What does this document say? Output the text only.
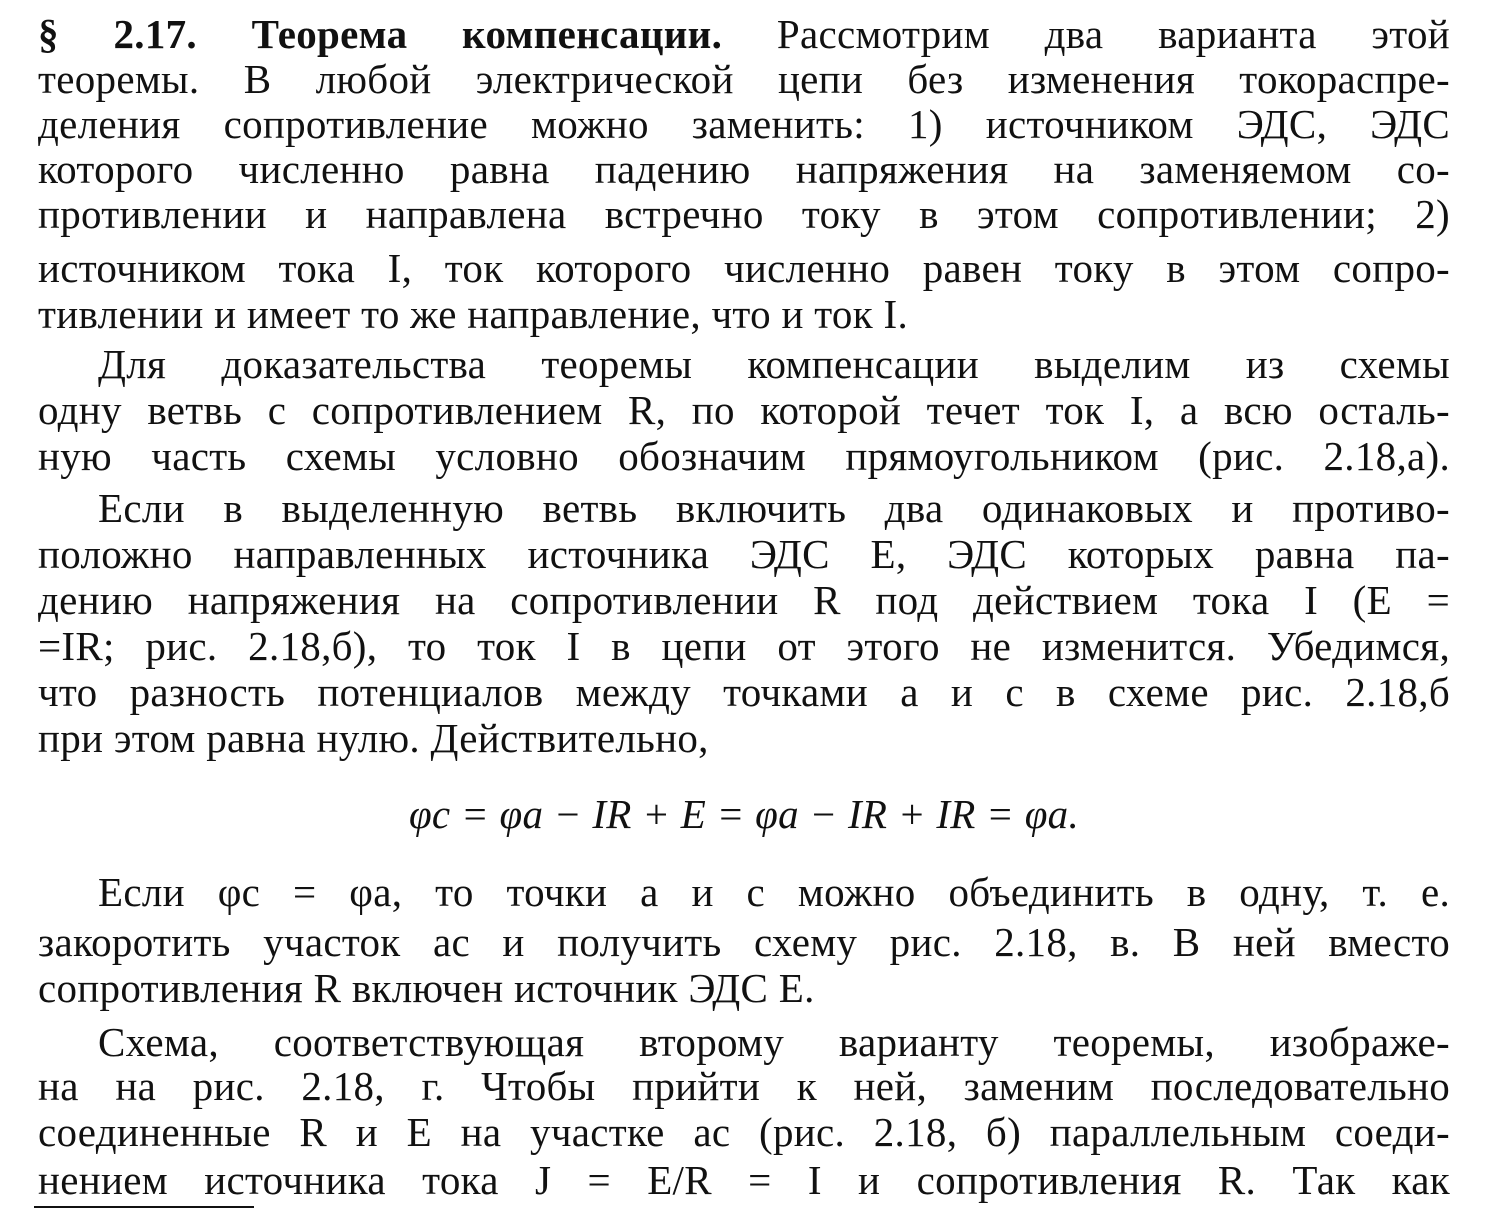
§ 2.17. Теорема компенсации. Рассмотрим два варианта этой
теоремы. В любой электрической цепи без изменения токораспре-
деления сопротивление можно заменить: 1) источником ЭДС, ЭДС
которого численно равна падению напряжения на заменяемом со-
противлении и направлена встречно току в этом сопротивлении; 2)
источником тока I, ток которого численно равен току в этом сопро-
тивлении и имеет то же направление, что и ток I.
Для доказательства теоремы компенсации выделим из схемы
одну ветвь с сопротивлением R, по которой течет ток I, а всю осталь-
ную часть схемы условно обозначим прямоугольником (рис. 2.18,a).
Если в выделенную ветвь включить два одинаковых и противо-
положно направленных источника ЭДС E, ЭДС которых равна па-
дению напряжения на сопротивлении R под действием тока I (E =
=IR; рис. 2.18,б), то ток I в цепи от этого не изменится. Убедимся,
что разность потенциалов между точками a и c в схеме рис. 2.18,б
при этом равна нулю. Действительно,
φc = φa − IR + E = φa − IR + IR = φa.
Если φc = φa, то точки a и c можно объединить в одну, т. е.
закоротить участок ac и получить схему рис. 2.18, в. В ней вместо
сопротивления R включен источник ЭДС E.
Схема, соответствующая второму варианту теоремы, изображе-
на на рис. 2.18, г. Чтобы прийти к ней, заменим последовательно
соединенные R и E на участке ac (рис. 2.18, б) параллельным соеди-
нением источника тока J = E/R = I и сопротивления R. Так как
